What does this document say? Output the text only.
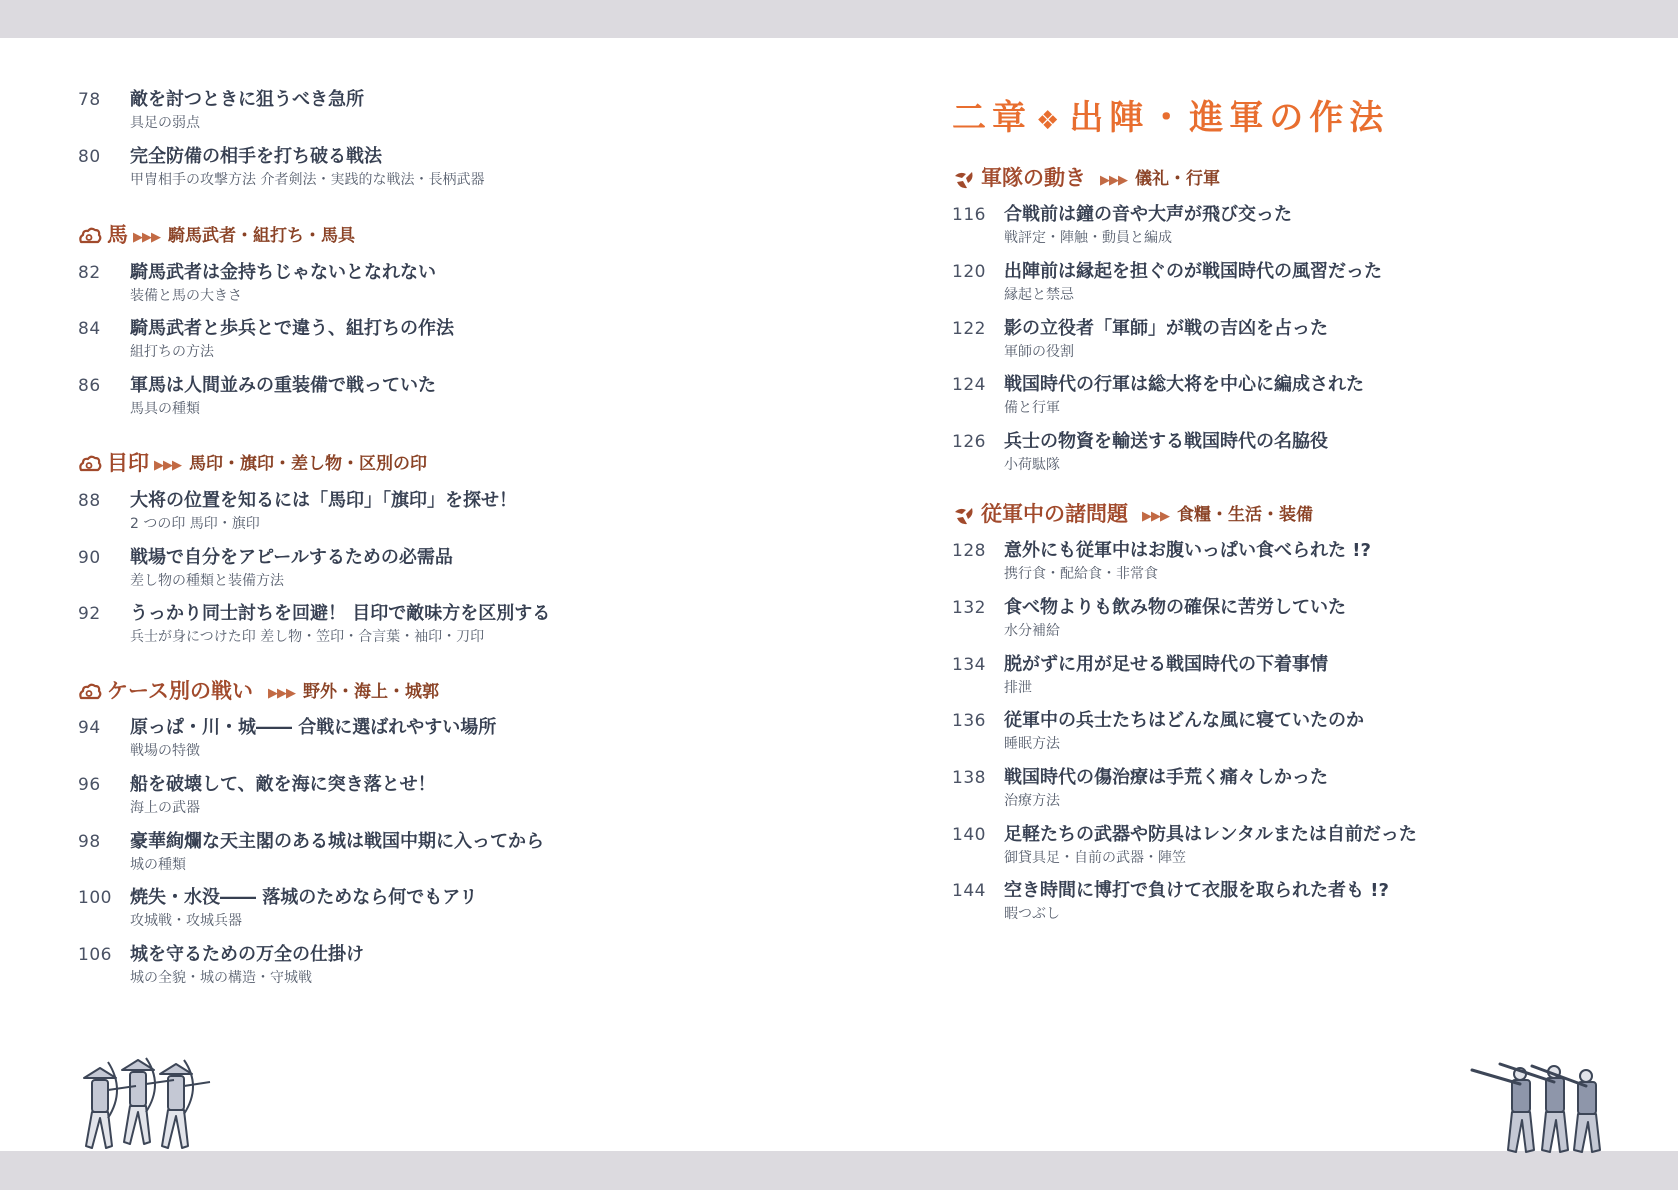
78 敵を討つときに狙うべき急所
具足の弱点
80 完全防備の相手を打ち破る戦法
甲冑相手の攻撃方法 介者剣法・実践的な戦法・長柄武器
馬 ▶▶▶ 騎馬武者・組打ち・馬具
82 騎馬武者は金持ちじゃないとなれない
装備と馬の大きさ
84 騎馬武者と歩兵とで違う、組打ちの作法
組打ちの方法
86 軍馬は人間並みの重装備で戦っていた
馬具の種類
目印 ▶▶▶ 馬印・旗印・差し物・区別の印
88 大将の位置を知るには「馬印」「旗印」を探せ！
2 つの印 馬印・旗印
90 戦場で自分をアピールするための必需品
差し物の種類と装備方法
92 うっかり同士討ちを回避！ 目印で敵味方を区別する
兵士が身につけた印 差し物・笠印・合言葉・袖印・刀印
ケース別の戦い ▶▶▶ 野外・海上・城郭
94 原っぱ・川・城―― 合戦に選ばれやすい場所
戦場の特徴
96 船を破壊して、敵を海に突き落とせ！
海上の武器
98 豪華絢爛な天主閣のある城は戦国中期に入ってから
城の種類
100 焼失・水没―― 落城のためなら何でもアリ
攻城戦・攻城兵器
106 城を守るための万全の仕掛け
城の全貌・城の構造・守城戦
二章 ❖ 出陣・進軍の作法
軍隊の動き ▶▶▶ 儀礼・行軍
116 合戦前は鐘の音や大声が飛び交った
戦評定・陣触・動員と編成
120 出陣前は縁起を担ぐのが戦国時代の風習だった
縁起と禁忌
122 影の立役者「軍師」が戦の吉凶を占った
軍師の役割
124 戦国時代の行軍は総大将を中心に編成された
備と行軍
126 兵士の物資を輸送する戦国時代の名脇役
小荷駄隊
従軍中の諸問題 ▶▶▶ 食糧・生活・装備
128 意外にも従軍中はお腹いっぱい食べられた !?
携行食・配給食・非常食
132 食べ物よりも飲み物の確保に苦労していた
水分補給
134 脱がずに用が足せる戦国時代の下着事情
排泄
136 従軍中の兵士たちはどんな風に寝ていたのか
睡眠方法
138 戦国時代の傷治療は手荒く痛々しかった
治療方法
140 足軽たちの武器や防具はレンタルまたは自前だった
御貸具足・自前の武器・陣笠
144 空き時間に博打で負けて衣服を取られた者も !?
暇つぶし
